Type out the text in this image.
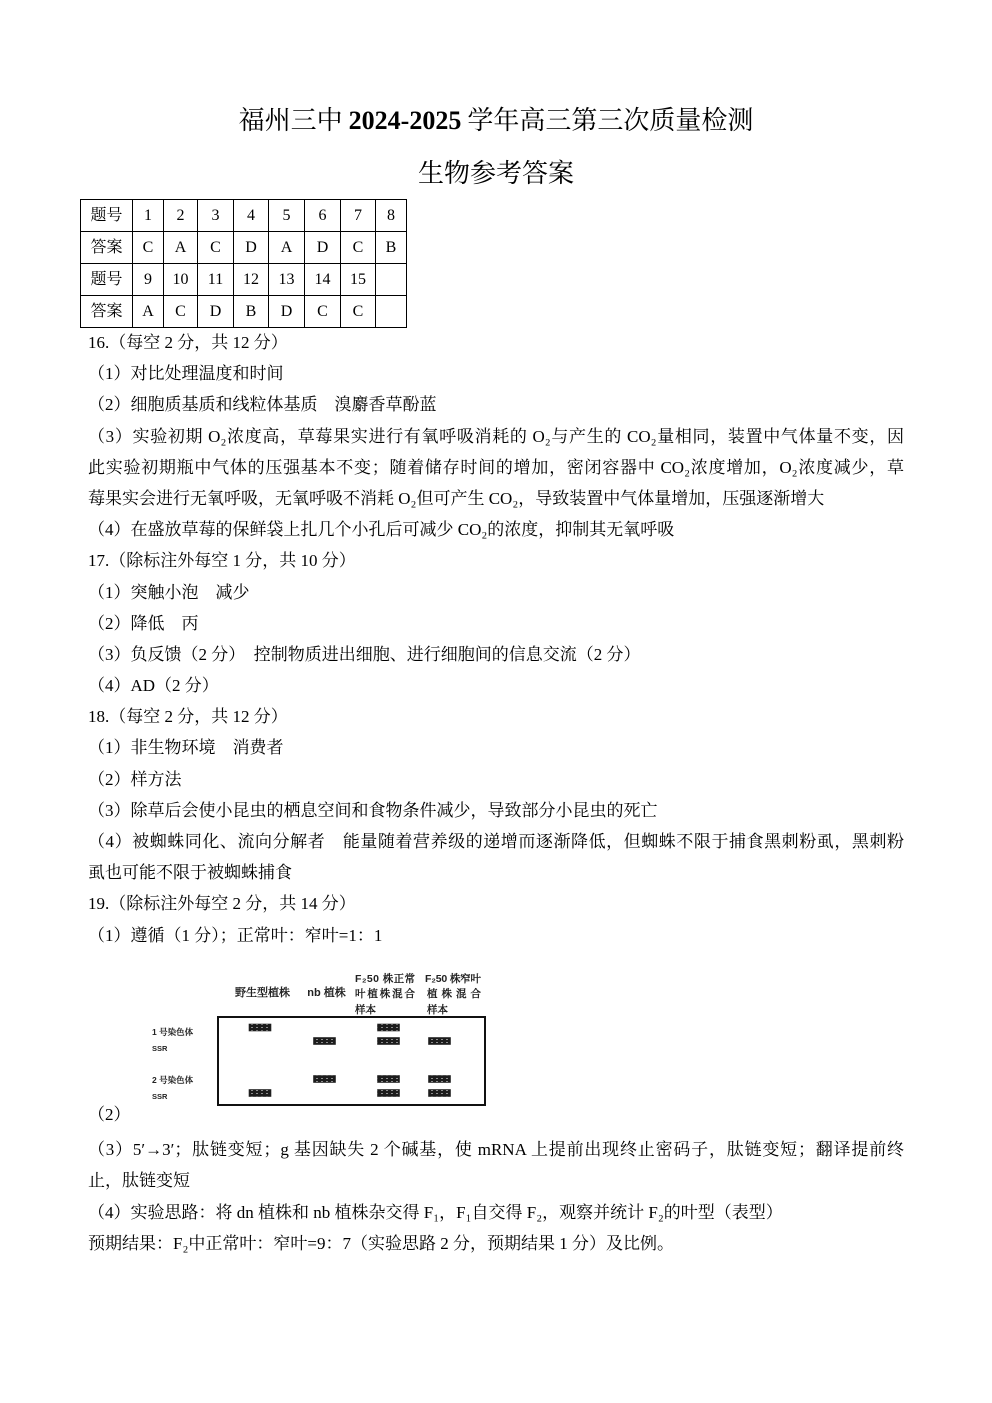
福州三中 2024-2025 学年高三第三次质量检测
生物参考答案
题号	1	2	3	4	5	6	7	8
答案	C	A	C	D	A	D	C	B
题号	9	10	11	12	13	14	15	
答案	A	C	D	B	D	C	C	
16.（每空 2 分，共 12 分）
（1）对比处理温度和时间
（2）细胞质基质和线粒体基质　溴麝香草酚蓝
（3）实验初期 O₂浓度高，草莓果实进行有氧呼吸消耗的 O₂与产生的 CO₂量相同，装置中气体量不变，因
此实验初期瓶中气体的压强基本不变；随着储存时间的增加，密闭容器中 CO₂浓度增加，O₂浓度减少，草
莓果实会进行无氧呼吸，无氧呼吸不消耗 O₂但可产生 CO₂，导致装置中气体量增加，压强逐渐增大
（4）在盛放草莓的保鲜袋上扎几个小孔后可减少 CO₂的浓度，抑制其无氧呼吸
17.（除标注外每空 1 分，共 10 分）
（1）突触小泡　减少
（2）降低　丙
（3）负反馈（2 分）　控制物质进出细胞、进行细胞间的信息交流（2 分）
（4）AD（2 分）
18.（每空 2 分，共 12 分）
（1）非生物环境　消费者
（2）样方法
（3）除草后会使小昆虫的栖息空间和食物条件减少，导致部分小昆虫的死亡
（4）被蜘蛛同化、流向分解者　能量随着营养级的递增而逐渐降低，但蜘蛛不限于捕食黑刺粉虱，黑刺粉
虱也可能不限于被蜘蛛捕食
19.（除标注外每空 2 分，共 14 分）
（1）遵循（1 分）；正常叶：窄叶=1：1
（2）
野生型植株 nb 植株
F₂50 株正常
叶植株混合
样本
F₂50 株窄叶
植株混合
样本
1 号染色体
SSR
2 号染色体
SSR
（3）5′→3′；肽链变短；g 基因缺失 2 个碱基，使 mRNA 上提前出现终止密码子，肽链变短；翻译提前终
止，肽链变短
（4）实验思路：将 dn 植株和 nb 植株杂交得 F₁，F₁自交得 F₂，观察并统计 F₂的叶型（表型）
预期结果：F₂中正常叶：窄叶=9：7（实验思路 2 分，预期结果 1 分）及比例。
